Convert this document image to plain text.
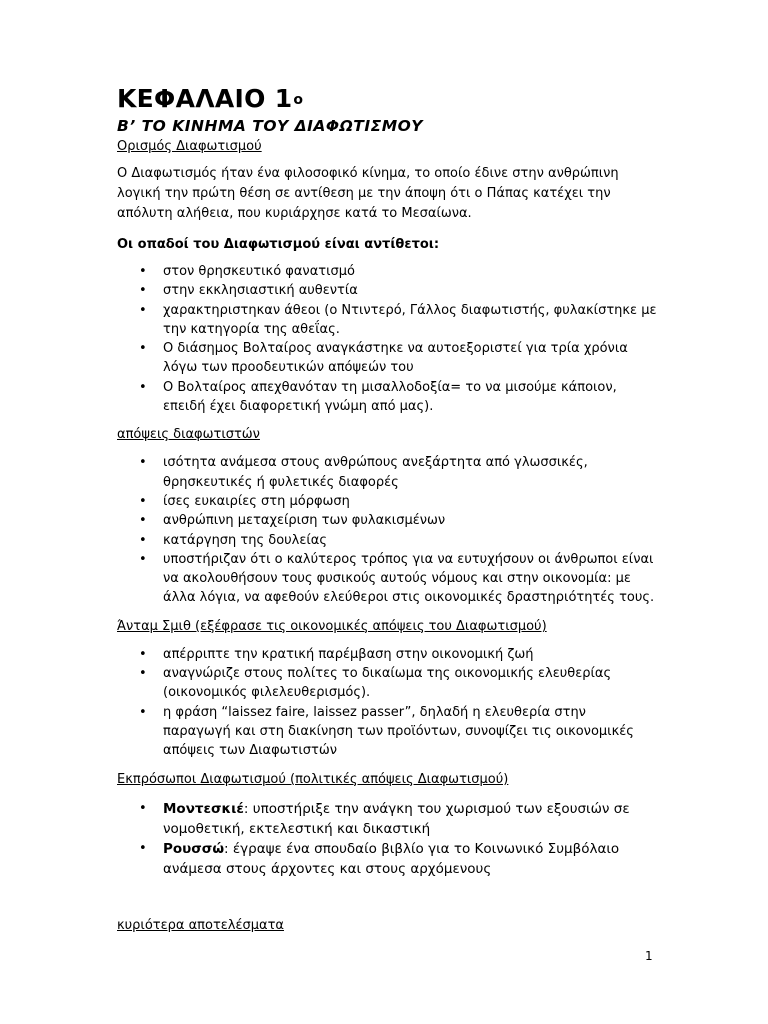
ΚΕΦΑΛΑΙΟ $1^o$
Β’ ΤΟ ΚΙΝΗΜΑ ΤΟΥ ΔΙΑΦΩΤΙΣΜΟΥ
Ορισμός Διαφωτισμού

Ο Διαφωτισμός ήταν ένα φιλοσοφικό κίνημα, το οποίο έδινε στην ανθρώπινη λογική την πρώτη θέση σε αντίθεση με την άποψη ότι ο Πάπας κατέχει την απόλυτη αλήθεια, που κυριάρχησε κατά το Μεσαίωνα.

Οι οπαδοί του Διαφωτισμού είναι αντίθετοι:
• στον θρησκευτικό φανατισμό
• στην εκκλησιαστική αυθεντία
• χαρακτηριστηκαν άθεοι (ο Ντιντερό, Γάλλος διαφωτιστής, φυλακίστηκε με την κατηγορία της αθεΐας.
• Ο διάσημος Βολταίρος αναγκάστηκε να αυτοεξοριστεί για τρία χρόνια λόγω των προοδευτικών απόψεών του
• Ο Βολταίρος απεχθανόταν τη μισαλλοδοξία= το να μισούμε κάποιον, επειδή έχει διαφορετική γνώμη από μας).
απόψεις διαφωτιστών
• ισότητα ανάμεσα στους ανθρώπους ανεξάρτητα από γλωσσικές, θρησκευτικές ή φυλετικές διαφορές
• ίσες ευκαιρίες στη μόρφωση
• ανθρώπινη μεταχείριση των φυλακισμένων
• κατάργηση της δουλείας
• υποστήριζαν ότι ο καλύτερος τρόπος για να ευτυχήσουν οι άνθρωποι είναι να ακολουθήσουν τους φυσικούς αυτούς νόμους και στην οικονομία: με άλλα λόγια, να αφεθούν ελεύθεροι στις οικονομικές δραστηριότητές τους.
Άνταμ Σμιθ (εξέφρασε τις οικονομικές απόψεις του Διαφωτισμού)
• απέρριπτε την κρατική παρέμβαση στην οικονομική ζωή
• αναγνώριζε στους πολίτες το δικαίωμα της οικονομικής ελευθερίας (οικονομικός φιλελευθερισμός).
• η φράση “laissez faire, laissez passer”, δηλαδή η ελευθερία στην παραγωγή και στη διακίνηση των προϊόντων, συνοψίζει τις οικονομικές απόψεις των Διαφωτιστών
Εκπρόσωποι Διαφωτισμού (πολιτικές απόψεις Διαφωτισμού)
• Μοντεσκιέ: υποστήριξε την ανάγκη του χωρισμού των εξουσιών σε νομοθετική, εκτελεστική και δικαστική
• Ρουσσώ: έγραψε ένα σπουδαίο βιβλίο για το Κοινωνικό Συμβόλαιο ανάμεσα στους άρχοντες και στους αρχόμενους
κυριότερα αποτελέσματα
1
